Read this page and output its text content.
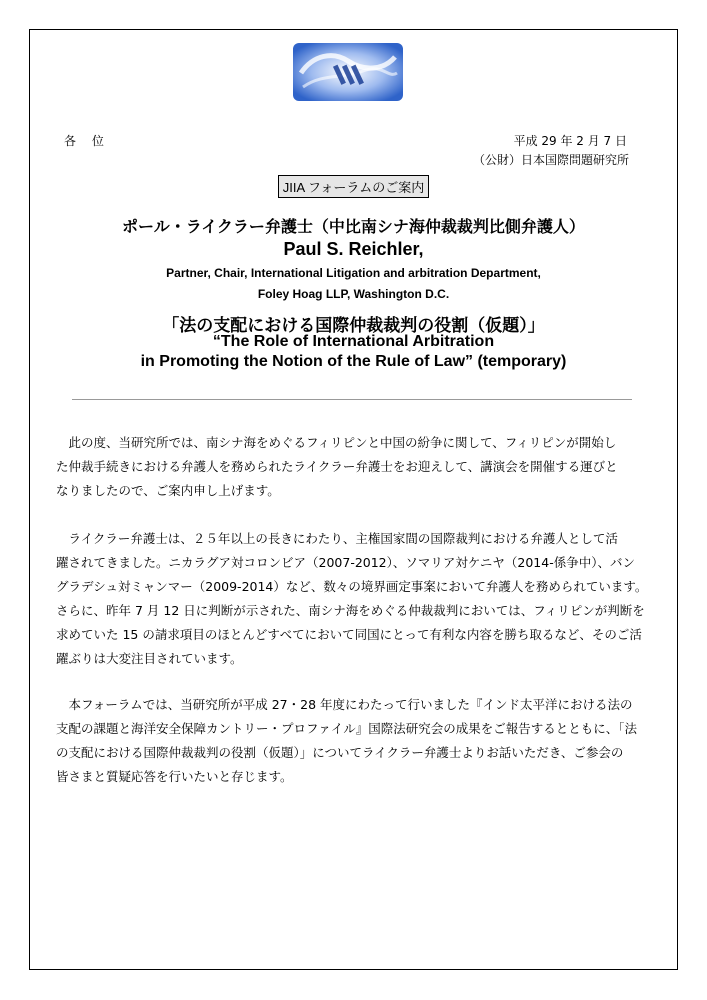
各 位	平成 29 年 2 月 7 日
（公財）日本国際問題研究所
JIIA フォーラムのご案内
ポール・ライクラー弁護士（中比南シナ海仲裁裁判比側弁護人）
Paul S. Reichler,
Partner, Chair, International Litigation and arbitration Department,
Foley Hoag LLP, Washington D.C.
「法の支配における国際仲裁裁判の役割（仮題）」
“The Role of International Arbitration
in Promoting the Notion of the Rule of Law” (temporary)
　此の度、当研究所では、南シナ海をめぐるフィリピンと中国の紛争に関して、フィリピンが開始し
た仲裁手続きにおける弁護人を務められたライクラー弁護士をお迎えして、講演会を開催する運びと
なりましたので、ご案内申し上げます。
　ライクラー弁護士は、２５年以上の長きにわたり、主権国家間の国際裁判における弁護人として活
躍されてきました。ニカラグア対コロンビア（2007-2012）、ソマリア対ケニヤ（2014-係争中）、バン
グラデシュ対ミャンマー（2009-2014）など、数々の境界画定事案において弁護人を務められています。
さらに、昨年 7 月 12 日に判断が示された、南シナ海をめぐる仲裁裁判においては、フィリピンが判断を
求めていた 15 の請求項目のほとんどすべてにおいて同国にとって有利な内容を勝ち取るなど、そのご活
躍ぶりは大変注目されています。
　本フォーラムでは、当研究所が平成 27・28 年度にわたって行いました『インド太平洋における法の
支配の課題と海洋安全保障カントリー・プロファイル』国際法研究会の成果をご報告するとともに、「法
の支配における国際仲裁裁判の役割（仮題）」についてライクラー弁護士よりお話いただき、ご参会の
皆さまと質疑応答を行いたいと存じます。
